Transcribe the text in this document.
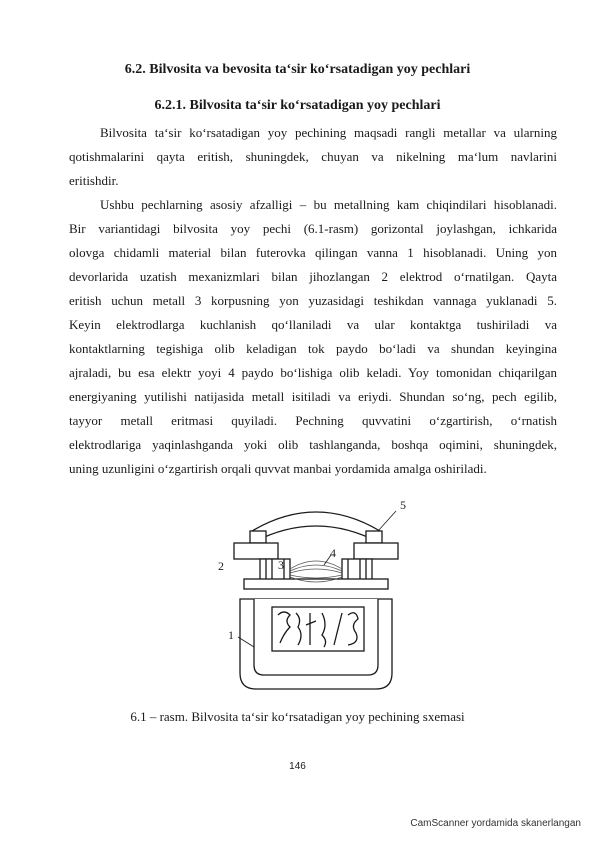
6.2. Bilvosita va bevosita ta‘sir ko‘rsatadigan yoy pechlari
6.2.1. Bilvosita ta‘sir ko‘rsatadigan yoy pechlari

Bilvosita ta‘sir ko‘rsatadigan yoy pechining maqsadi rangli metallar va ularning
qotishmalarini qayta eritish, shuningdek, chuyan va nikelning ma‘lum navlarini
eritishdir.

Ushbu pechlarning asosiy afzalligi – bu metallning kam chiqindilari hisoblanadi.
Bir variantidagi bilvosita yoy pechi (6.1-rasm) gorizontal joylashgan, ichkarida
olovga chidamli material bilan futerovka qilingan vanna 1 hisoblanadi. Uning yon
devorlarida uzatish mexanizmlari bilan jihozlangan 2 elektrod o‘rnatilgan. Qayta
eritish uchun metall 3 korpusning yon yuzasidagi teshikdan vannaga yuklanadi 5.
Keyin elektrodlarga kuchlanish qo‘llaniladi va ular kontaktga tushiriladi va
kontaktlarning tegishiga olib keladigan tok paydo bo‘ladi va shundan keyingina
ajraladi, bu esa elektr yoyi 4 paydo bo‘lishiga olib keladi. Yoy tomonidan chiqarilgan
energiyaning yutilishi natijasida metall isitiladi va eriydi. Shundan so‘ng, pech egilib,
tayyor metall eritmasi quyiladi. Pechning quvvatini o‘zgartirish, o‘rnatish
elektrodlariga yaqinlashganda yoki olib tashlanganda, boshqa oqimini, shuningdek,
uning uzunligini o‘zgartirish orqali quvvat manbai yordamida amalga oshiriladi.

5
2	3
4
1
6.1 – rasm. Bilvosita ta‘sir ko‘rsatadigan yoy pechining sxemasi
146
CamScanner yordamida skanerlangan
